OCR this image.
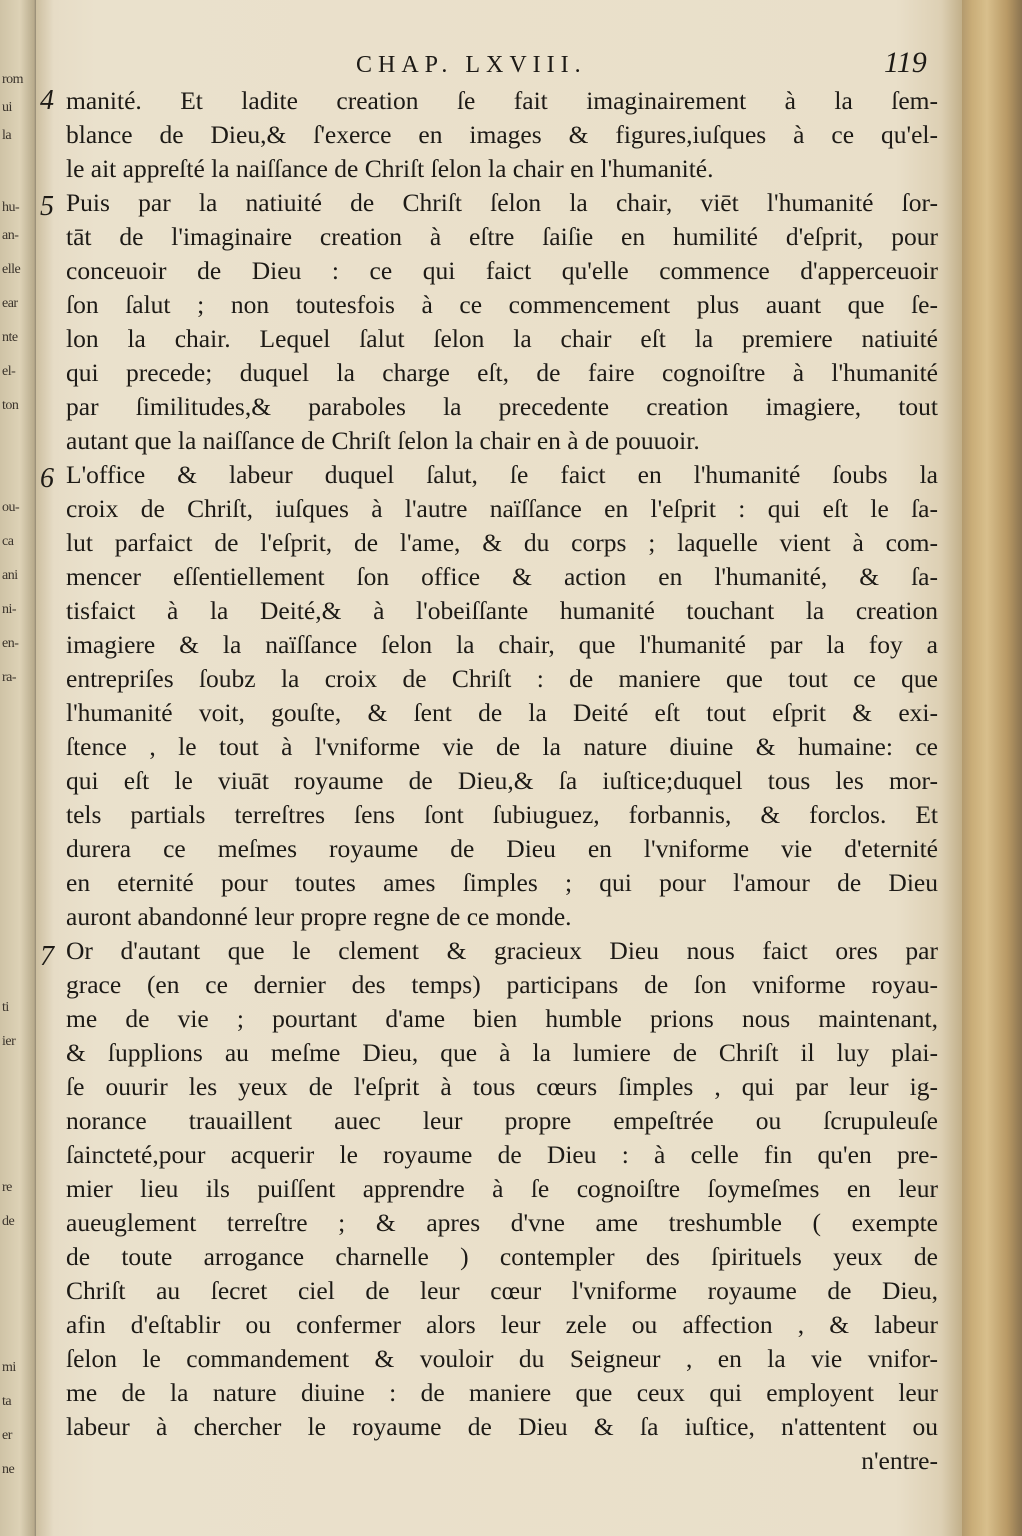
rom
ui
la
hu-
an-
elle
ear
nte
el-
ton
ou-
ca
ani
ni-
en-
ra-
ti
ier
re
de
mi
ta
er
ne
CHAP. LXVIII.	119
4
5
6
7
manité. Et ladite creation ſe fait imaginairement à la ſem-
blance de Dieu,& ſ'exerce en images & figures,iuſques à ce qu'el-
le ait appreſté la naiſſance de Chriſt ſelon la chair en l'humanité.
Puis par la natiuité de Chriſt ſelon la chair, viēt l'humanité ſor-
tāt de l'imaginaire creation à eſtre ſaiſie en humilité d'eſprit, pour
conceuoir de Dieu : ce qui faict qu'elle commence d'apperceuoir
ſon ſalut ; non toutesfois à ce commencement plus auant que ſe-
lon la chair. Lequel ſalut ſelon la chair eſt la premiere natiuité
qui precede; duquel la charge eſt, de faire cognoiſtre à l'humanité
par ſimilitudes,& paraboles la precedente creation imagiere, tout
autant que la naiſſance de Chriſt ſelon la chair en à de pouuoir.
L'office & labeur duquel ſalut, ſe faict en l'humanité ſoubs la
croix de Chriſt, iuſques à l'autre naïſſance en l'eſprit : qui eſt le ſa-
lut parfaict de l'eſprit, de l'ame, & du corps ; laquelle vient à com-
mencer eſſentiellement ſon office & action en l'humanité, & ſa-
tisfaict à la Deité,& à l'obeiſſante humanité touchant la creation
imagiere & la naïſſance ſelon la chair, que l'humanité par la foy a
entrepriſes ſoubz la croix de Chriſt : de maniere que tout ce que
l'humanité voit, gouſte, & ſent de la Deité eſt tout eſprit & exi-
ſtence , le tout à l'vniforme vie de la nature diuine & humaine: ce
qui eſt le viuāt royaume de Dieu,& ſa iuſtice;duquel tous les mor-
tels partials terreſtres ſens ſont ſubiuguez, forbannis, & forclos. Et
durera ce meſmes royaume de Dieu en l'vniforme vie d'eternité
en eternité pour toutes ames ſimples ; qui pour l'amour de Dieu
auront abandonné leur propre regne de ce monde.
Or d'autant que le clement & gracieux Dieu nous faict ores par
grace (en ce dernier des temps) participans de ſon vniforme royau-
me de vie ; pourtant d'ame bien humble prions nous maintenant,
& ſupplions au meſme Dieu, que à la lumiere de Chriſt il luy plai-
ſe ouurir les yeux de l'eſprit à tous cœurs ſimples , qui par leur ig-
norance trauaillent auec leur propre empeſtrée ou ſcrupuleuſe
ſainctеté,pour acquerir le royaume de Dieu : à celle fin qu'en pre-
mier lieu ils puiſſent apprendre à ſe cognoiſtre ſoymeſmes en leur
aueuglement terreſtre ; & apres d'vne ame treshumble ( exempte
de toute arrogance charnelle ) contempler des ſpirituels yeux de
Chriſt au ſecret ciel de leur cœur l'vniforme royaume de Dieu,
afin d'eſtablir ou confermer alors leur zele ou affection , & labeur
ſelon le commandement & vouloir du Seigneur , en la vie vnifor-
me de la nature diuine : de maniere que ceux qui employent leur
labeur à chercher le royaume de Dieu & ſa iuſtice, n'attentent ou
n'entre-
